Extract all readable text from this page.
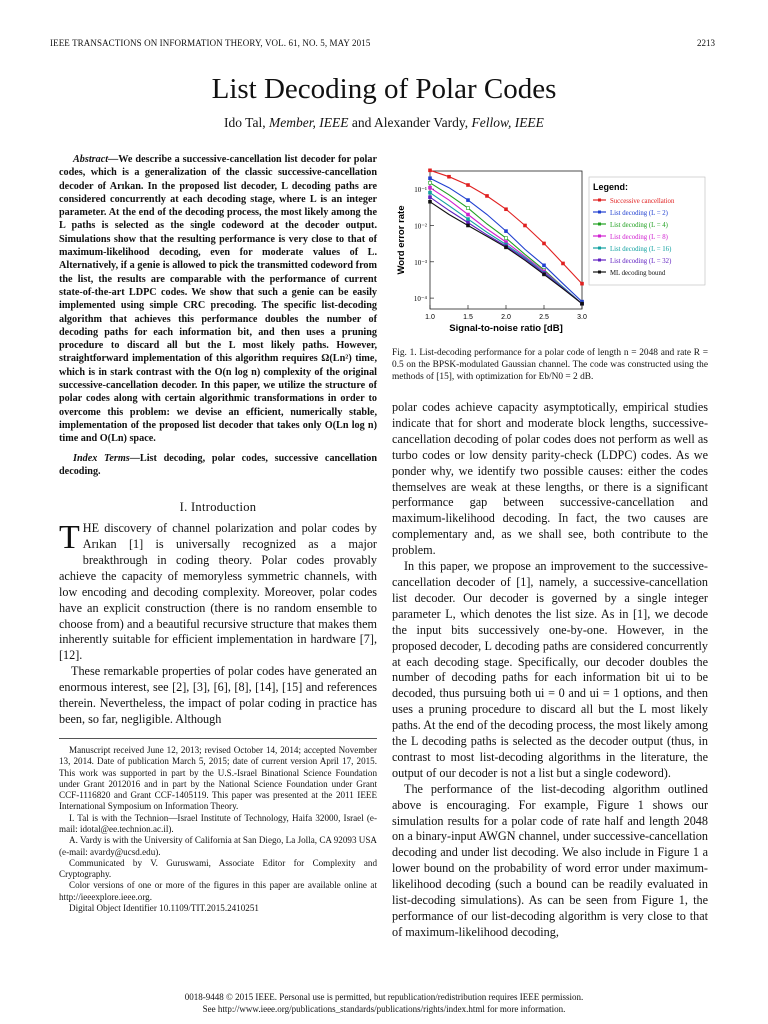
IEEE TRANSACTIONS ON INFORMATION THEORY, VOL. 61, NO. 5, MAY 2015	2213
List Decoding of Polar Codes
Ido Tal, Member, IEEE and Alexander Vardy, Fellow, IEEE

Abstract—We describe a successive-cancellation list decoder for polar codes, which is a generalization of the classic successive-cancellation decoder of Arıkan. In the proposed list decoder, L decoding paths are considered concurrently at each decoding stage, where L is an integer parameter. At the end of the decoding process, the most likely among the L paths is selected as the single codeword at the decoder output. Simulations show that the resulting performance is very close to that of maximum-likelihood decoding, even for moderate values of L. Alternatively, if a genie is allowed to pick the transmitted codeword from the list, the results are comparable with the performance of current state-of-the-art LDPC codes. We show that such a genie can be easily implemented using simple CRC precoding. The specific list-decoding algorithm that achieves this performance doubles the number of decoding paths for each information bit, and then uses a pruning procedure to discard all but the L most likely paths. However, straightforward implementation of this algorithm requires Ω(Ln²) time, which is in stark contrast with the O(n log n) complexity of the original successive-cancellation decoder. In this paper, we utilize the structure of polar codes along with certain algorithmic transformations in order to overcome this problem: we devise an efficient, numerically stable, implementation of the proposed list decoder that takes only O(Ln log n) time and O(Ln) space.

Index Terms—List decoding, polar codes, successive cancellation decoding.

I. Introduction

THE discovery of channel polarization and polar codes by Arıkan [1] is universally recognized as a major breakthrough in coding theory. Polar codes provably achieve the capacity of memoryless symmetric channels, with low encoding and decoding complexity. Moreover, polar codes have an explicit construction (there is no random ensemble to choose from) and a beautiful recursive structure that makes them inherently suitable for efficient implementation in hardware [7], [12].

These remarkable properties of polar codes have generated an enormous interest, see [2], [3], [6], [8], [14], [15] and references therein. Nevertheless, the impact of polar coding in practice has been, so far, negligible. Although

Manuscript received June 12, 2013; revised October 14, 2014; accepted November 13, 2014. Date of publication March 5, 2015; date of current version April 17, 2015. This work was supported in part by the U.S.-Israel Binational Science Foundation under Grant 2012016 and in part by the National Science Foundation under Grant CCF-1116820 and Grant CCF-1405119. This paper was presented at the 2011 IEEE International Symposium on Information Theory.

I. Tal is with the Technion—Israel Institute of Technology, Haifa 32000, Israel (e-mail: idotal@ee.technion.ac.il).

A. Vardy is with the University of California at San Diego, La Jolla, CA 92093 USA (e-mail: avardy@ucsd.edu).

Communicated by V. Guruswami, Associate Editor for Complexity and Cryptography.

Color versions of one or more of the figures in this paper are available online at http://ieeexplore.ieee.org.

Digital Object Identifier 10.1109/TIT.2015.2410251

10⁻¹
10⁻²
10⁻³
10⁻⁴
1.0	1.5	2.0	2.5	3.0
Word error rate
Signal-to-noise ratio [dB]
Legend:
Successive cancellation
List decoding (L = 2)
List decoding (L = 4)
List decoding (L = 8)
List decoding (L = 16)
List decoding (L = 32)
ML decoding bound
Fig. 1. List-decoding performance for a polar code of length n = 2048 and rate R = 0.5 on the BPSK-modulated Gaussian channel. The code was constructed using the methods of [15], with optimization for Eb/N0 = 2 dB.

polar codes achieve capacity asymptotically, empirical studies indicate that for short and moderate block lengths, successive-cancellation decoding of polar codes does not perform as well as turbo codes or low density parity-check (LDPC) codes. As we ponder why, we identify two possible causes: either the codes themselves are weak at these lengths, or there is a significant performance gap between successive-cancellation and maximum-likelihood decoding. In fact, the two causes are complementary and, as we shall see, both contribute to the problem.

In this paper, we propose an improvement to the successive-cancellation decoder of [1], namely, a successive-cancellation list decoder. Our decoder is governed by a single integer parameter L, which denotes the list size. As in [1], we decode the input bits successively one-by-one. However, in the proposed decoder, L decoding paths are considered concurrently at each decoding stage. Specifically, our decoder doubles the number of decoding paths for each information bit ui to be decoded, thus pursuing both ui = 0 and ui = 1 options, and then uses a pruning procedure to discard all but the L most likely paths. At the end of the decoding process, the most likely among the L decoding paths is selected as the decoder output (thus, in contrast to most list-decoding algorithms in the literature, the output of our decoder is not a list but a single codeword).

The performance of the list-decoding algorithm outlined above is encouraging. For example, Figure 1 shows our simulation results for a polar code of rate half and length 2048 on a binary-input AWGN channel, under successive-cancellation decoding and under list decoding. We also include in Figure 1 a lower bound on the probability of word error under maximum-likelihood decoding (such a bound can be readily evaluated in list-decoding simulations). As can be seen from Figure 1, the performance of our list-decoding algorithm is very close to that of maximum-likelihood decoding,

0018-9448 © 2015 IEEE. Personal use is permitted, but republication/redistribution requires IEEE permission.
See http://www.ieee.org/publications_standards/publications/rights/index.html for more information.
